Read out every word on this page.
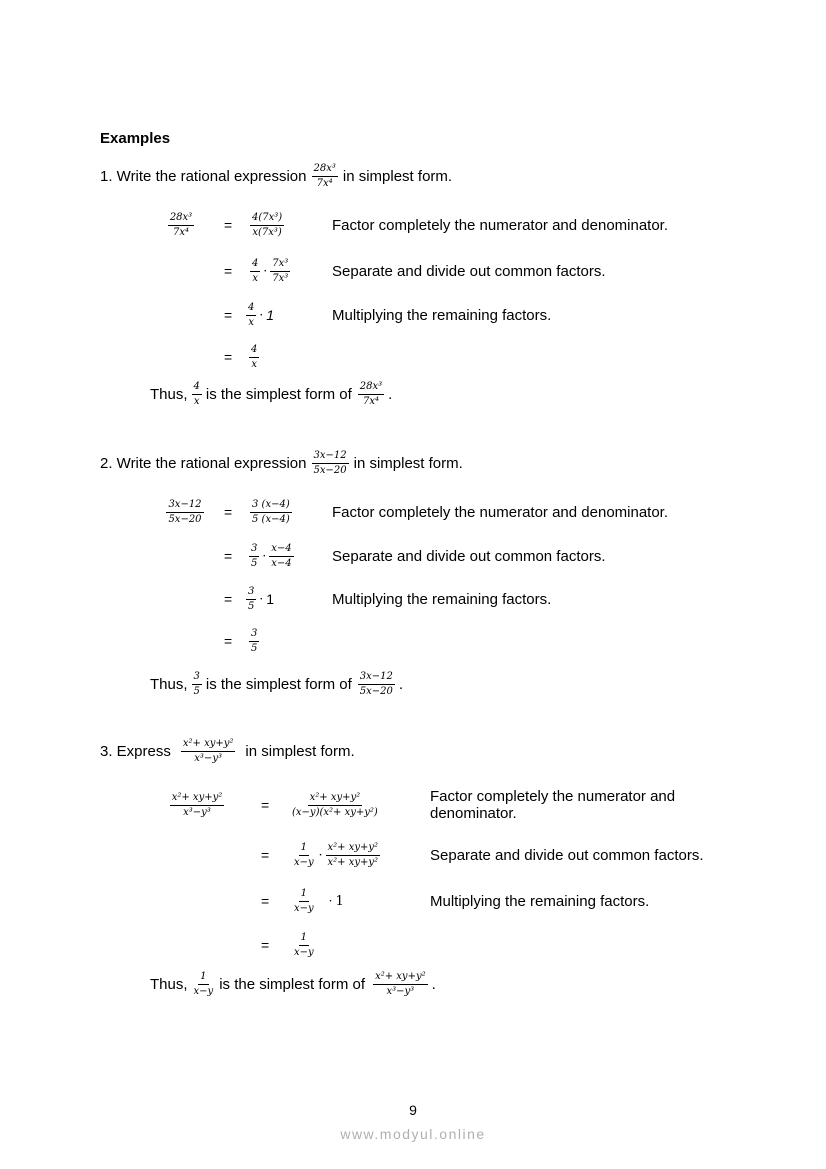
Examples
1. Write the rational expression $\frac{\text{28x³}}{\text{7x⁴}}$ in simplest form.
$\frac{\text{28x³}}{\text{7x⁴}} = \frac{\text{4(7x³)}}{\text{x(7x³)}}$	Factor completely the numerator and denominator.
= $\frac{4}{x} \cdot \frac{\text{7x³}}{\text{7x³}}$	Separate and divide out common factors.
= $\frac{4}{x} \cdot 1$	Multiplying the remaining factors.
= $\frac{4}{x}$
Thus, $\frac{4}{x}$ is the simplest form of $\frac{\text{28x³}}{\text{7x⁴}}$ .
2. Write the rational expression $\frac{3x-12}{5x-20}$ in simplest form.
$\frac{3x-12}{5x-20} = \frac{3 (x-4)}{5 (x-4)}$	Factor completely the numerator and denominator.
= $\frac{3}{5} \cdot \frac{x-4}{x-4}$	Separate and divide out common factors.
= $\frac{3}{5} \cdot 1$	Multiplying the remaining factors.
= $\frac{3}{5}$
Thus, $\frac{3}{5}$ is the simplest form of $\frac{3x-12}{5x-20}$ .
3. Express $\frac{\text{x²+ xy+y²}}{\text{x³−y³}}$ in simplest form.
$\frac{\text{x²+ xy+y²}}{\text{x³−y³}}$	= $\frac{\text{x²+ xy+y²}}{\text{(x−y)(x²+ xy+y²)}}$	Factor completely the numerator and denominator.
= $\frac{1}{x-y} \cdot \frac{\text{x²+ xy+y²}}{\text{x²+ xy+y²}}$	Separate and divide out common factors.
= $\frac{1}{x-y} \cdot 1$	Multiplying the remaining factors.
= $\frac{1}{x-y}$
Thus, $\frac{1}{x-y}$ is the simplest form of $\frac{\text{x²+ xy+y²}}{\text{x³−y³}}$ .
9
www.modyul.online
